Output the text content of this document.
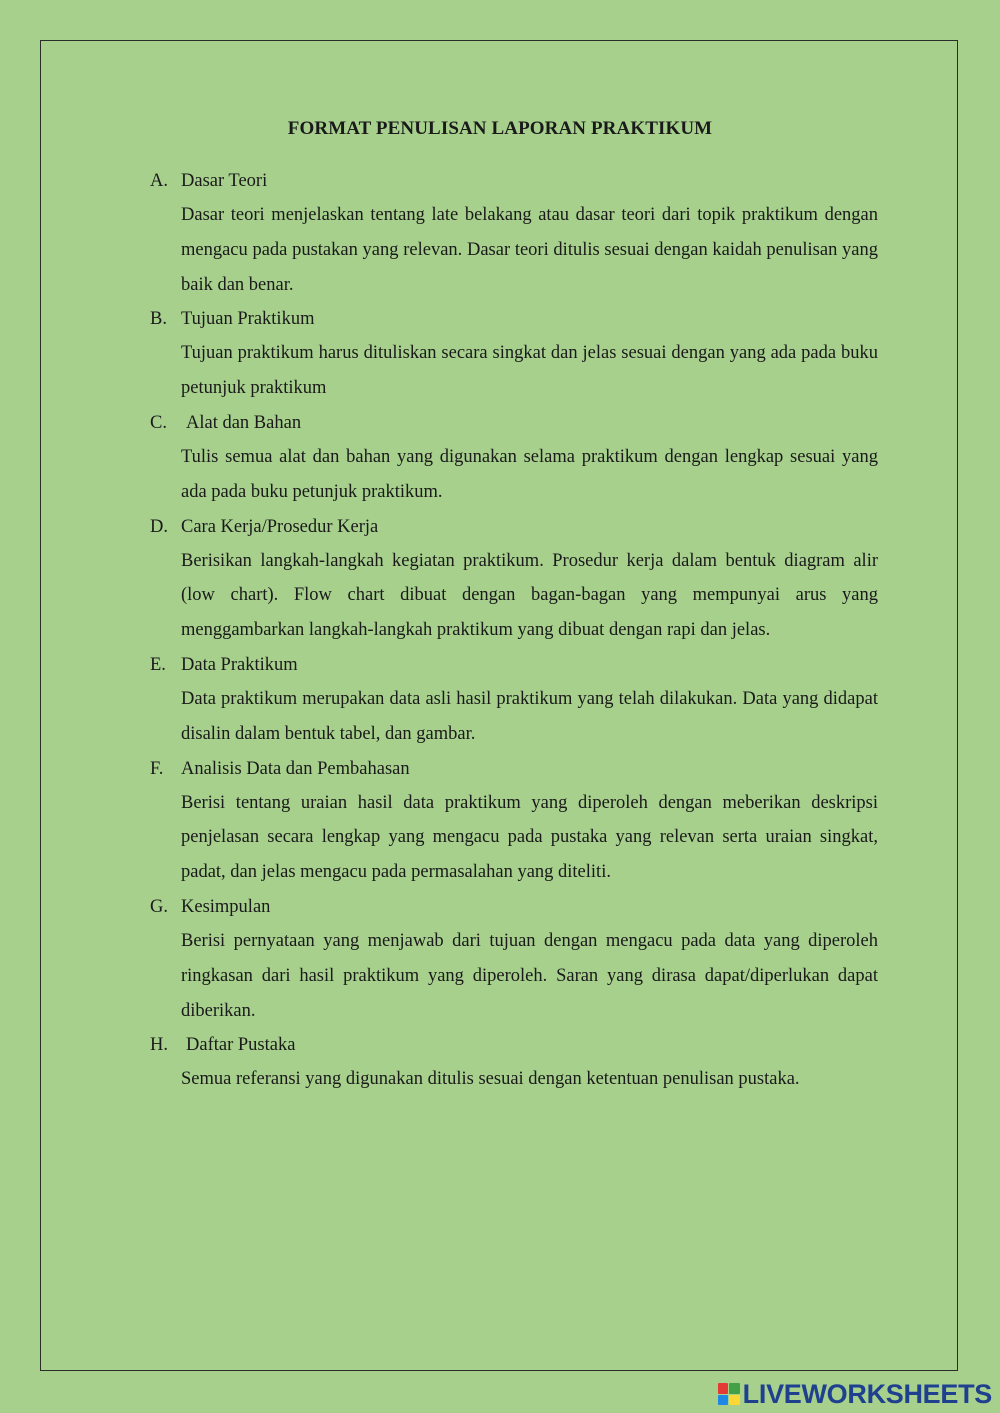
FORMAT PENULISAN LAPORAN PRAKTIKUM
A. Dasar Teori
Dasar teori menjelaskan tentang late belakang atau dasar teori dari topik praktikum dengan mengacu pada pustakan yang relevan. Dasar teori ditulis sesuai dengan kaidah penulisan yang baik dan benar.
B. Tujuan Praktikum
Tujuan praktikum harus dituliskan secara singkat dan jelas sesuai dengan yang ada pada buku petunjuk praktikum
C.	Alat dan Bahan
Tulis semua alat dan bahan yang digunakan selama praktikum dengan lengkap sesuai yang ada pada buku petunjuk praktikum.
D. Cara Kerja/Prosedur Kerja
Berisikan langkah-langkah kegiatan praktikum. Prosedur kerja dalam bentuk diagram alir (low chart). Flow chart dibuat dengan bagan-bagan yang mempunyai arus yang menggambarkan langkah-langkah praktikum yang dibuat dengan rapi dan jelas.
E. Data Praktikum
Data praktikum merupakan data asli hasil praktikum yang telah dilakukan. Data yang didapat disalin dalam bentuk tabel, dan gambar.
F. Analisis Data dan Pembahasan
Berisi tentang uraian hasil data praktikum yang diperoleh dengan meberikan deskripsi penjelasan secara lengkap yang mengacu pada pustaka yang relevan serta uraian singkat, padat, dan jelas mengacu pada permasalahan yang diteliti.
G. Kesimpulan
Berisi pernyataan yang menjawab dari tujuan dengan mengacu pada data yang diperoleh ringkasan dari hasil praktikum yang diperoleh. Saran yang dirasa dapat/diperlukan dapat diberikan.
H. Daftar Pustaka
Semua referansi yang digunakan ditulis sesuai dengan ketentuan penulisan pustaka.
LIVEWORKSHEETS
